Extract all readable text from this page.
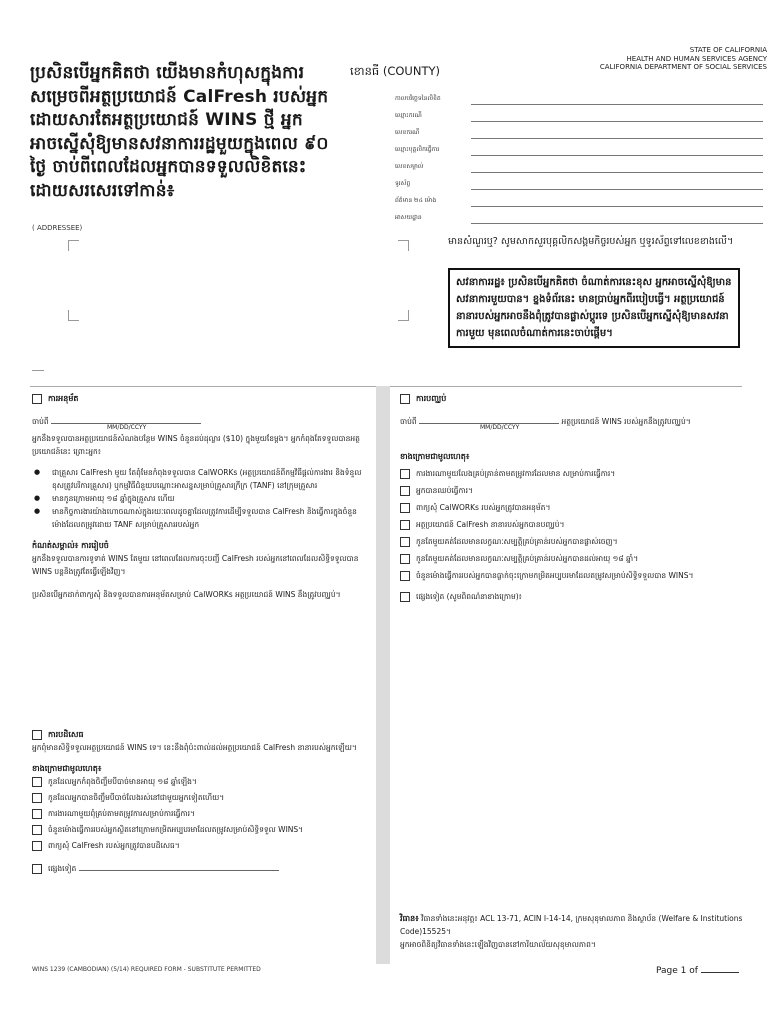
ប្រសិនបើអ្នកគិតថា យើងមានកំហុសក្នុងការសម្រេចពីអត្ថប្រយោជន៍ CalFresh របស់អ្នក ដោយសារតែអត្ថប្រយោជន៍ WINS ថ្មី អ្នកអាចស្នើសុំឱ្យមានសវនាការរដ្ឋមួយក្នុងពេល ៩០ ថ្ងៃ ចាប់ពីពេលដែលអ្នកបានទទួលលិខិតនេះ ដោយសរសេរទៅកាន់៖
ខោនធី (COUNTY)
STATE OF CALIFORNIA
HEALTH AND HUMAN SERVICES AGENCY
CALIFORNIA DEPARTMENT OF SOCIAL SERVICES
កាលបរិច្ឆេទនៃលិខិត
ឈ្មោះករណី
លេខករណី
ឈ្មោះបុគ្គលិកធ្វើការ
លេខសម្គាល់
ទូរស័ព្ទ
ព័ត៌មាន ២៤ ម៉ោង
អាសយដ្ឋាន
( ADDRESSEE)
មានសំណួរឬ? សូមសាកសួរបុគ្គលិកសង្គមកិច្ចរបស់អ្នក ឬទូរស័ព្ទទៅលេខខាងលើ។
សវនាការរដ្ឋ៖ ប្រសិនបើអ្នកគិតថា ចំណាត់ការនេះខុស អ្នកអាចស្នើសុំឱ្យមានសវនាការមួយបាន។ ខ្នងទំព័រនេះ មានប្រាប់អ្នកពីរបៀបធ្វើ។ អត្ថប្រយោជន៍នានារបស់អ្នកអាចនឹងពុំត្រូវបានផ្លាស់ប្តូរទេ ប្រសិនបើអ្នកស្នើសុំឱ្យមានសវនាការមួយ មុនពេលចំណាត់ការនេះចាប់ផ្តើម។
ការអនុម័ត
ចាប់ពី
MM/DD/CCYY
អ្នកនឹងទទួលបានអត្ថប្រយោជន៍សំណងបន្ថែម WINS ចំនួនដប់ដុល្លារ ($10) ក្នុងមួយខែម្តង។ អ្នកកំពុងតែទទួលបានអត្ថប្រយោជន៍នេះ ព្រោះអ្នក៖
● ជាគ្រួសារ CalFresh មួយ តែពុំមែនកំពុងទទួលបាន CalWORKs (អត្ថប្រយោជន៍ពីកម្មវិធីផ្តល់ការងារ និងទំនួលខុសត្រូវបរិការគ្រួសារ) ឬកម្មវិធីជំនួយបណ្តោះអាសន្នសម្រាប់គ្រួសារក្រីក្រ (TANF) នៅក្រុមគ្រួសារ
● មានកូនក្រោមអាយុ ១៨ ឆ្នាំក្នុងគ្រួសារ ហើយ
● មានកិច្ចការងារយ៉ាងហោចណាស់ក្នុងរយៈពេលដូចគ្នាដែលត្រូវការដើម្បីទទួលបាន CalFresh និងធ្វើការក្នុងចំនួនម៉ោងដែលតម្រូវដោយ TANF សម្រាប់គ្រួសាររបស់អ្នក
កំណត់សម្គាល់៖ ការរៀបចំ
អ្នកនឹងទទួលបានការទូទាត់ WINS តែមួយ នៅពេលដែលការចុះបញ្ជី CalFresh របស់អ្នកនៅពេលដែលសិទ្ធិទទួលបាន WINS បន្តនិងត្រូវតែធ្វើឡើងវិញ។
ប្រសិនបើអ្នកដាក់ពាក្យសុំ និងទទួលបានការអនុម័តសម្រាប់ CalWORKs អត្ថប្រយោជន៍ WINS នឹងត្រូវបញ្ឈប់។
ការបដិសេធ
អ្នកពុំមានសិទ្ធិទទួលអត្ថប្រយោជន៍ WINS ទេ។ នេះនឹងពុំប៉ះពាល់ដល់អត្ថប្រយោជន៍ CalFresh នានារបស់អ្នកឡើយ។
ខាងក្រោមជាមូលហេតុ៖
កូនដែលអ្នកកំពុងចិញ្ចឹមបីបាច់មានអាយុ ១៨ ឆ្នាំឡើង។
កូនដែលអ្នកបានចិញ្ចឹមបីបាច់លែងរស់នៅជាមួយអ្នកទៀតហើយ។
ការងារណាមួយពុំគ្រប់តាមតម្រូវការសម្រាប់ការធ្វើការ។
ចំនួនម៉ោងធ្វើការរបស់អ្នកស្ថិតនៅក្រោមកម្រិតអប្បបរមាដែលតម្រូវសម្រាប់សិទ្ធិទទួល WINS។
ពាក្យសុំ CalFresh របស់អ្នកត្រូវបានបដិសេធ។
ផ្សេងទៀត
ការបញ្ឈប់
ចាប់ពី	អត្ថប្រយោជន៍ WINS របស់អ្នកនឹងត្រូវបញ្ឈប់។
MM/DD/CCYY
ខាងក្រោមជាមូលហេតុ៖
ការងារណាមួយលែងគ្រប់គ្រាន់តាមតម្រូវការដែលមាន សម្រាប់ការធ្វើការ។
អ្នកបានឈប់ធ្វើការ។
ពាក្យសុំ CalWORKs របស់អ្នកត្រូវបានអនុម័ត។
អត្ថប្រយោជន៍ CalFresh នានារបស់អ្នកបានបញ្ឈប់។
កូនតែមួយគត់ដែលមានលក្ខណៈសម្បត្តិគ្រប់គ្រាន់របស់អ្នកបានផ្លាស់ចេញ។
កូនតែមួយគត់ដែលមានលក្ខណៈសម្បត្តិគ្រប់គ្រាន់របស់អ្នកបានដល់អាយុ ១៨ ឆ្នាំ។
ចំនួនម៉ោងធ្វើការរបស់អ្នកបានធ្លាក់ចុះក្រោមកម្រិតអប្បបរមាដែលតម្រូវសម្រាប់សិទ្ធិទទួលបាន WINS។
ផ្សេងទៀត (សូមពិពណ៌នាខាងក្រោម)៖
វិធាន៖ វិធានទាំងនេះអនុវត្ត៖ ACL 13-71, ACIN I-14-14, ក្រមសុខុមាលភាព និងស្ថាប័ន (Welfare & Institutions Code)15525។
អ្នកអាចពិនិត្យវិធានទាំងនេះឡើងវិញបាននៅការិយាល័យសុខុមាលភាព។
WINS 1239 (CAMBODIAN) (5/14) REQUIRED FORM - SUBSTITUTE PERMITTED	Page 1 of
